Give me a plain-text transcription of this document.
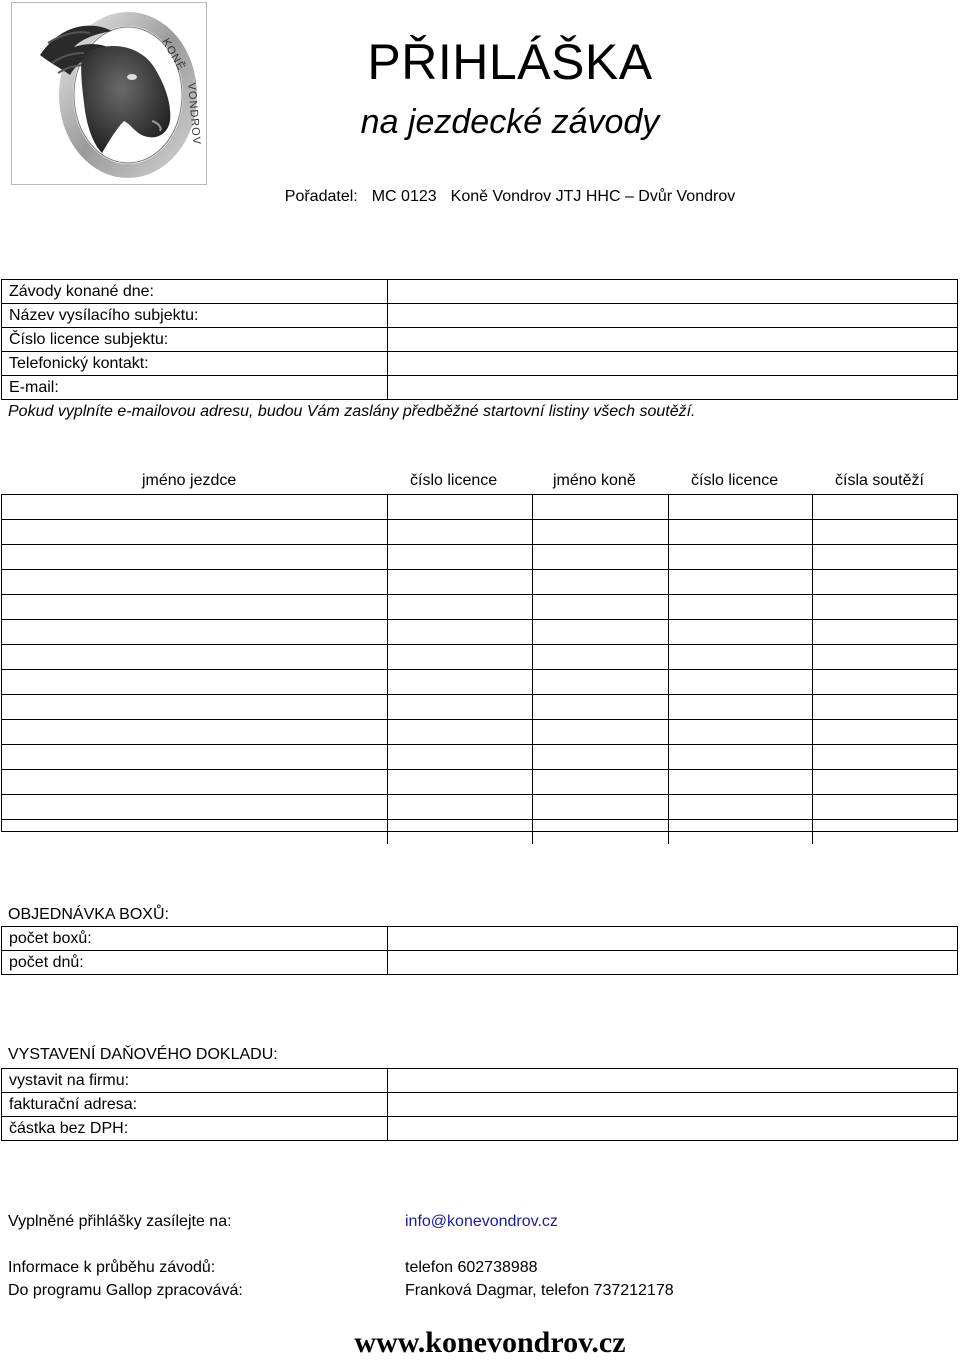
KONĚ
VONDROV
PŘIHLÁŠKA
na jezdecké závody
Pořadatel: MC 0123 Koně Vondrov JTJ HHC – Dvůr Vondrov
Závody konané dne:
Název vysílacího subjektu:
Číslo licence subjektu:
Telefonický kontakt:
E-mail:
Pokud vyplníte e-mailovou adresu, budou Vám zaslány předběžné startovní listiny všech soutěží.
jméno jezdce	číslo licence	jméno koně	číslo licence	čísla soutěží
OBJEDNÁVKA BOXŮ:
počet boxů:
počet dnů:
VYSTAVENÍ DAŇOVÉHO DOKLADU:
vystavit na firmu:
fakturační adresa:
částka bez DPH:
Vyplněné přihlášky zasílejte na:	info@konevondrov.cz
Informace k průběhu závodů:	telefon 602738988
Do programu Gallop zpracovává:	Franková Dagmar, telefon 737212178
www.konevondrov.cz
